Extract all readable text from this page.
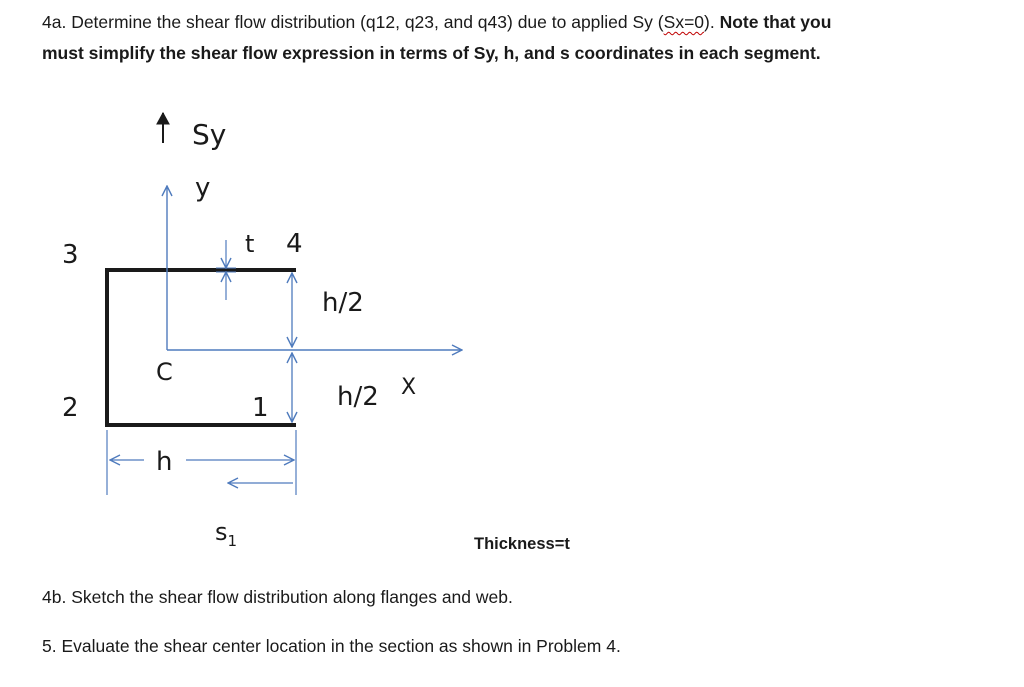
4a. Determine the shear flow distribution (q12, q23, and q43) due to applied Sy (Sx=0). Note that you

must simplify the shear flow expression in terms of Sy, h, and s coordinates in each segment.

Sy
y
X
t 4
3
2	1
C
h/2
h/2
h
$s_1$	Thickness=t

4b. Sketch the shear flow distribution along flanges and web.

5. Evaluate the shear center location in the section as shown in Problem 4.
